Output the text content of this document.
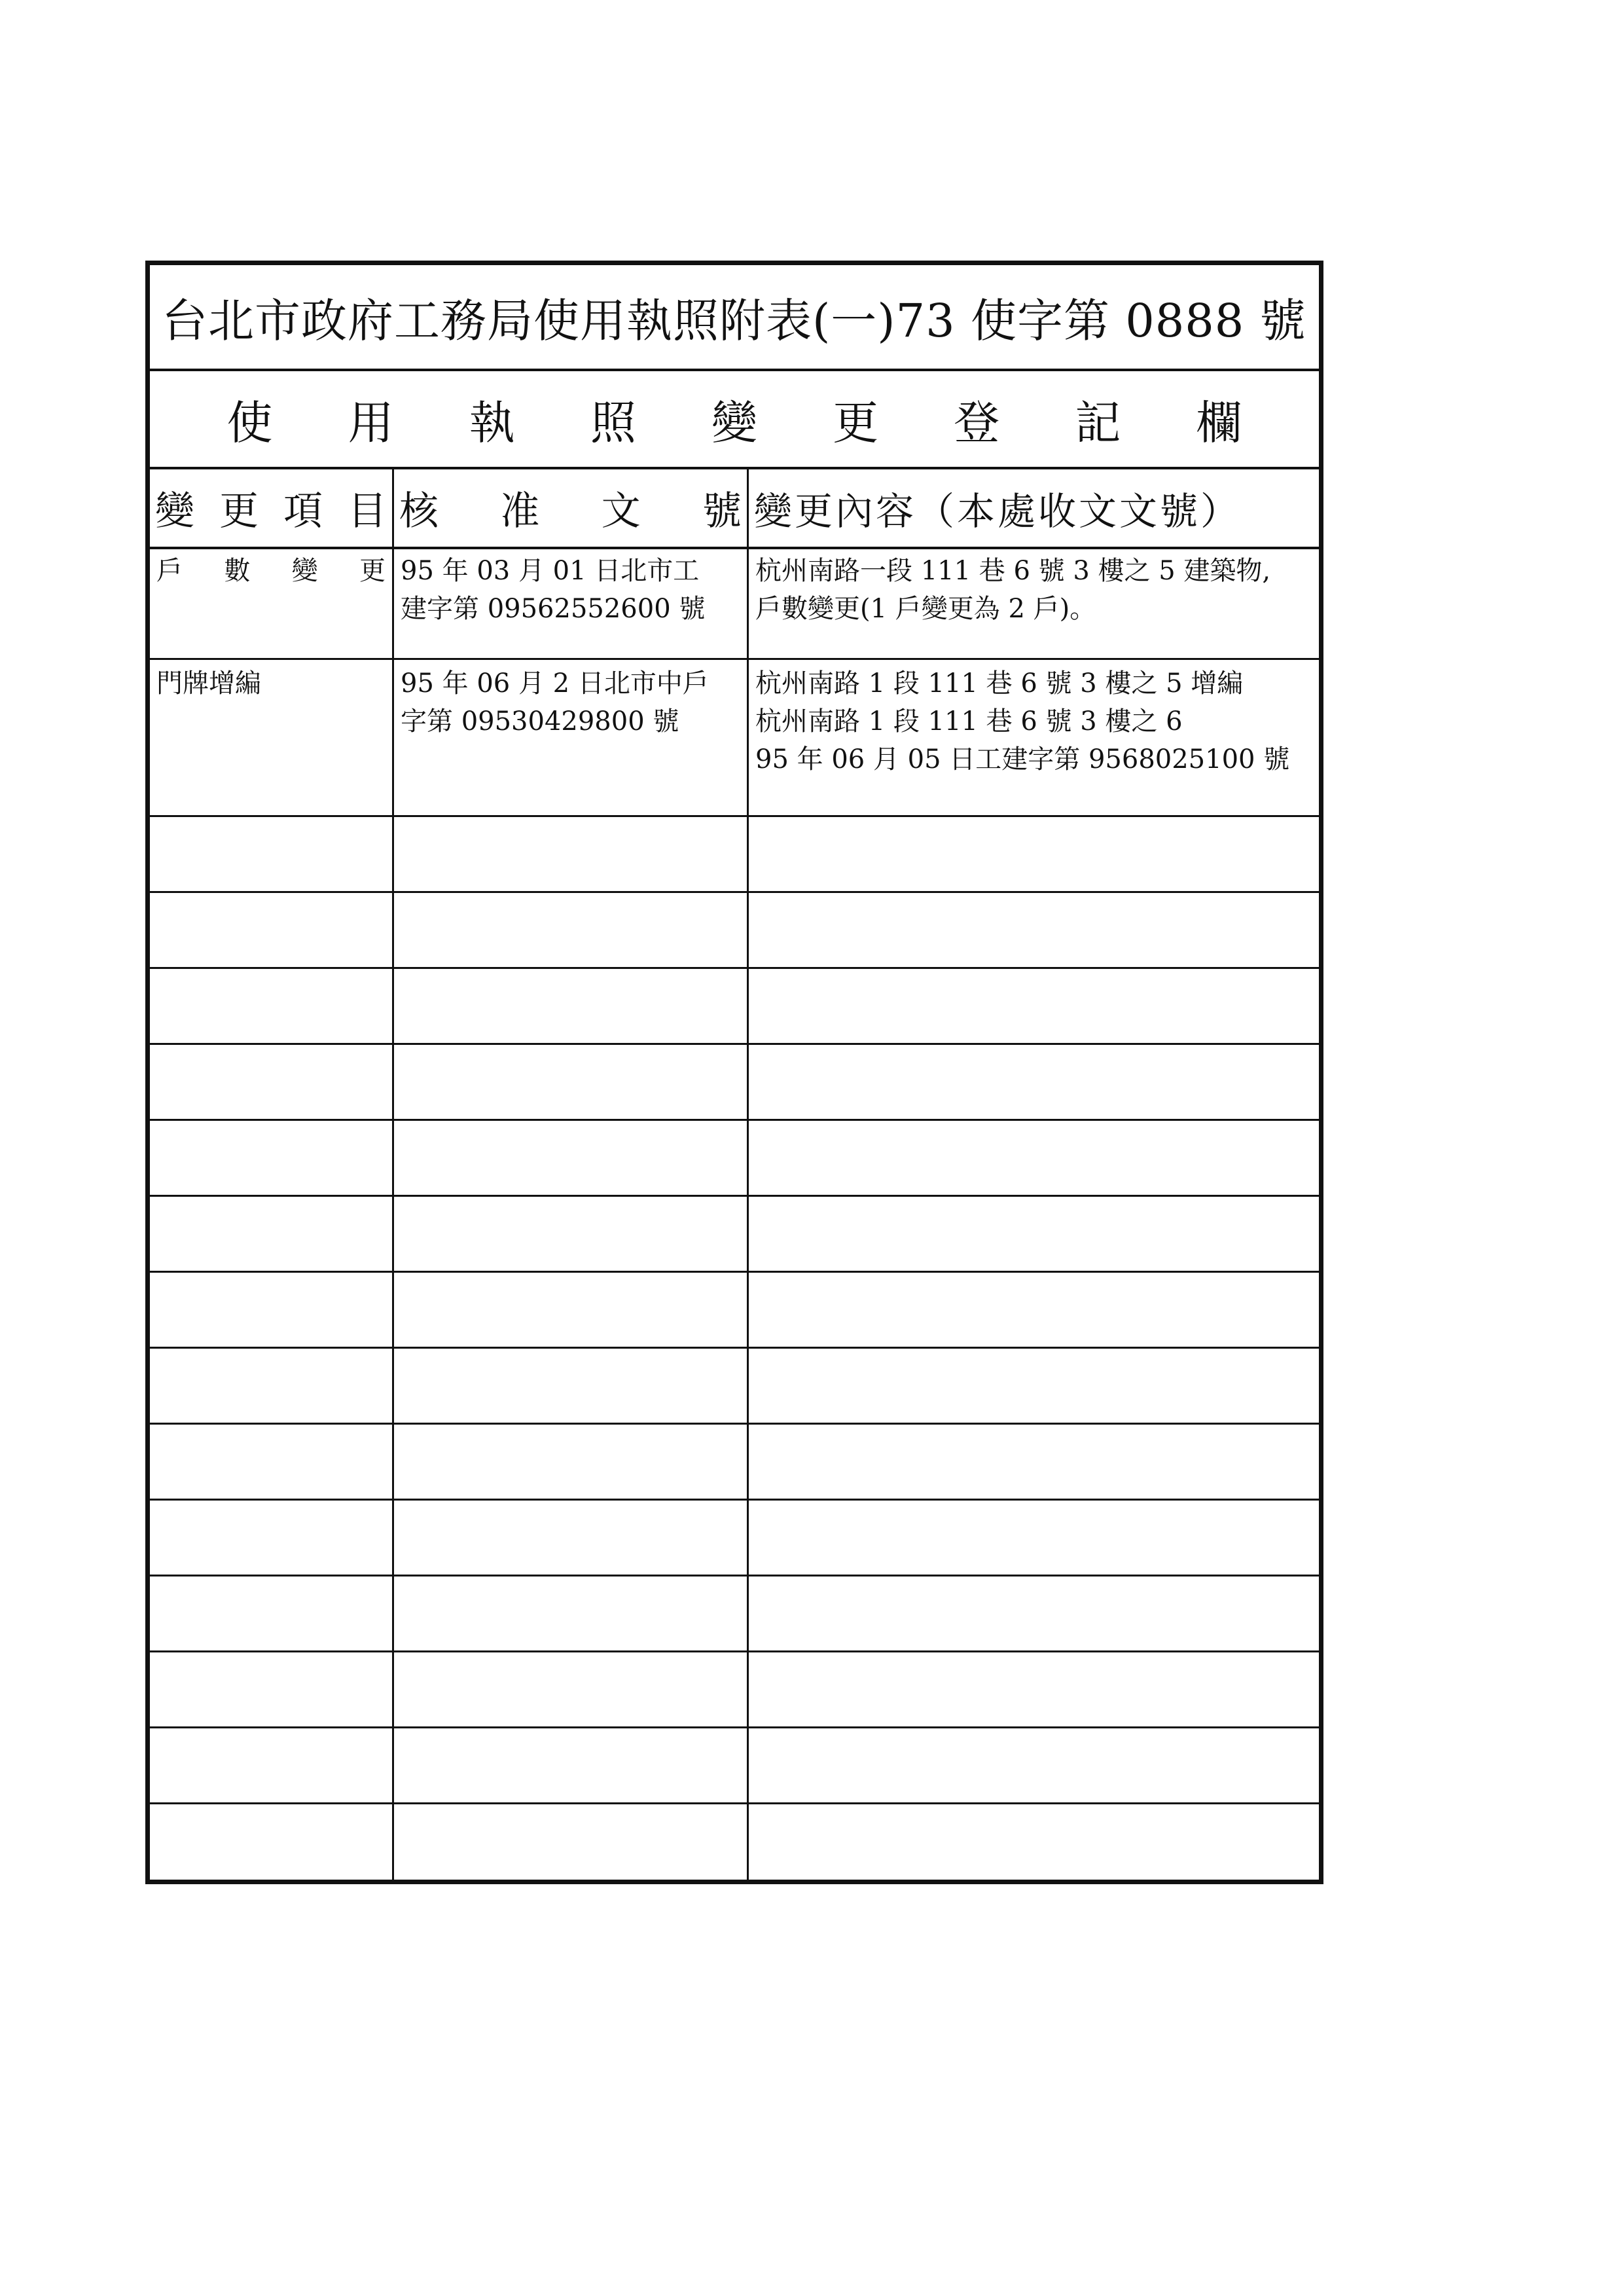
台北市政府工務局使用執照附表(一)73 使字第 0888 號
使 用 執 照 變 更 登 記 欄
變 更 項 目 核 准 文 號 變更內容（本處收文文號）
戶 數 變 更 95 年 03 月 01 日北市工
建字第 09562552600 號
杭州南路一段 111 巷 6 號 3 樓之 5 建築物,
戶數變更(1 戶變更為 2 戶)。
門牌增編	95 年 06 月 2 日北市中戶
字第 09530429800 號
杭州南路 1 段 111 巷 6 號 3 樓之 5 增編
杭州南路 1 段 111 巷 6 號 3 樓之 6
95 年 06 月 05 日工建字第 9568025100 號
